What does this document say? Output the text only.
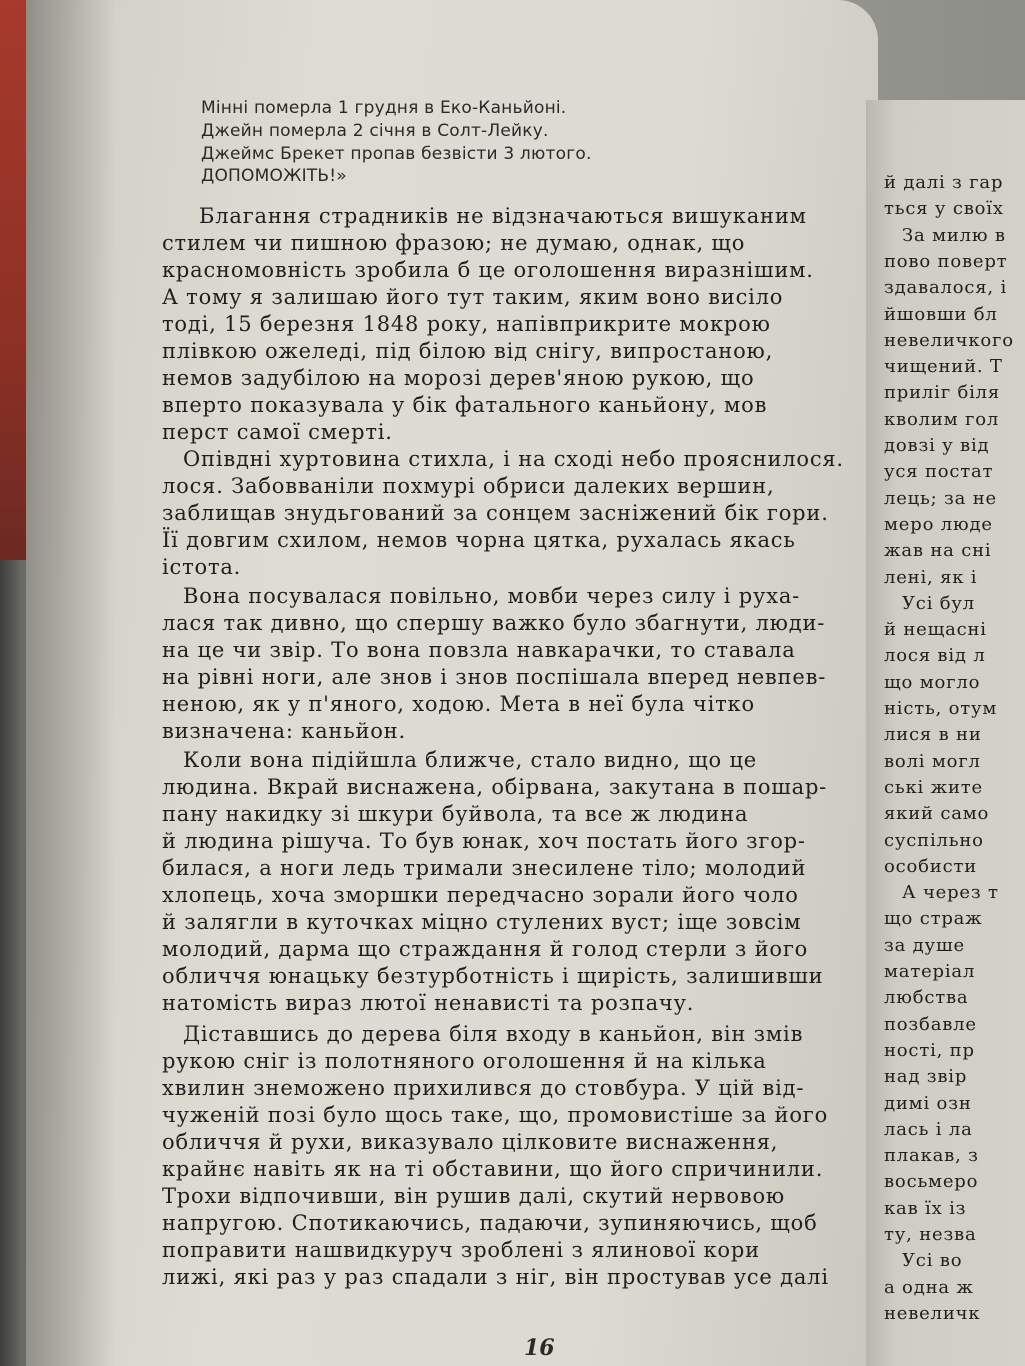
Мінні померла 1 грудня в Еко-Каньйоні.
Джейн померла 2 січня в Солт-Лейку.
Джеймс Брекет пропав безвісти 3 лютого.
ДОПОМОЖІТЬ!»
Благання страдників не відзначаються вишуканим
стилем чи пишною фразою; не думаю, однак, що
красномовність зробила б це оголошення виразнішим.
А тому я залишаю його тут таким, яким воно висіло
тоді, 15 березня 1848 року, напівприкрите мокрою
плівкою ожеледі, під білою від снігу, випростаною,
немов задубілою на морозі дерев'яною рукою, що
вперто показувала у бік фатального каньйону, мов
перст самої смерті.
Опівдні хуртовина стихла, і на сході небо прояснилося.
лося. Забовваніли похмурі обриси далеких вершин,
заблищав знудьгований за сонцем засніжений бік гори.
Її довгим схилом, немов чорна цятка, рухалась якась
істота.
Вона посувалася повільно, мовби через силу і руха-
лася так дивно, що спершу важко було збагнути, люди-
на це чи звір. То вона повзла навкарачки, то ставала
на рівні ноги, але знов і знов поспішала вперед невпев-
неною, як у п'яного, ходою. Мета в неї була чітко
визначена: каньйон.
Коли вона підійшла ближче, стало видно, що це
людина. Вкрай виснажена, обірвана, закутана в пошар-
пану накидку зі шкури буйвола, та все ж людина
й людина рішуча. То був юнак, хоч постать його згор-
билася, а ноги ледь тримали знесилене тіло; молодий
хлопець, хоча зморшки передчасно зорали його чоло
й залягли в куточках міцно стулених вуст; іще зовсім
молодий, дарма що страждання й голод стерли з його
обличчя юнацьку безтурботність і щирість, залишивши
натомість вираз лютої ненависті та розпачу.
Діставшись до дерева біля входу в каньйон, він змів
рукою сніг із полотняного оголошення й на кілька
хвилин знеможено прихилився до стовбура. У цій від-
чуженій позі було щось таке, що, промовистіше за його
обличчя й рухи, виказувало цілковите виснаження,
крайнє навіть як на ті обставини, що його спричинили.
Трохи відпочивши, він рушив далі, скутий нервовою
напругою. Спотикаючись, падаючи, зупиняючись, щоб
поправити нашвидкуруч зроблені з ялинової кори
лижі, які раз у раз спадали з ніг, він простував усе далі
16
й далі з гар
ться у своїх
За милю в
пово поверт
здавалося, і
йшовши бл
невеличкого
чищений. Т
приліг біля
кволим гол
довзі у від
уся постат
лець; за не
меро люде
жав на сні
лені, як і
Усі бул
й нещасні
лося від л
що могло
ність, отум
лися в ни
волі могл
ські жите
який само
суспільно
особисти
А через т
що страж
за душе
матеріал
любства
позбавле
ності, пр
над звір
димі озн
лась і ла
плакав, з
восьмеро
кав їх із
ту, незва
Усі во
а одна ж
невеличк
